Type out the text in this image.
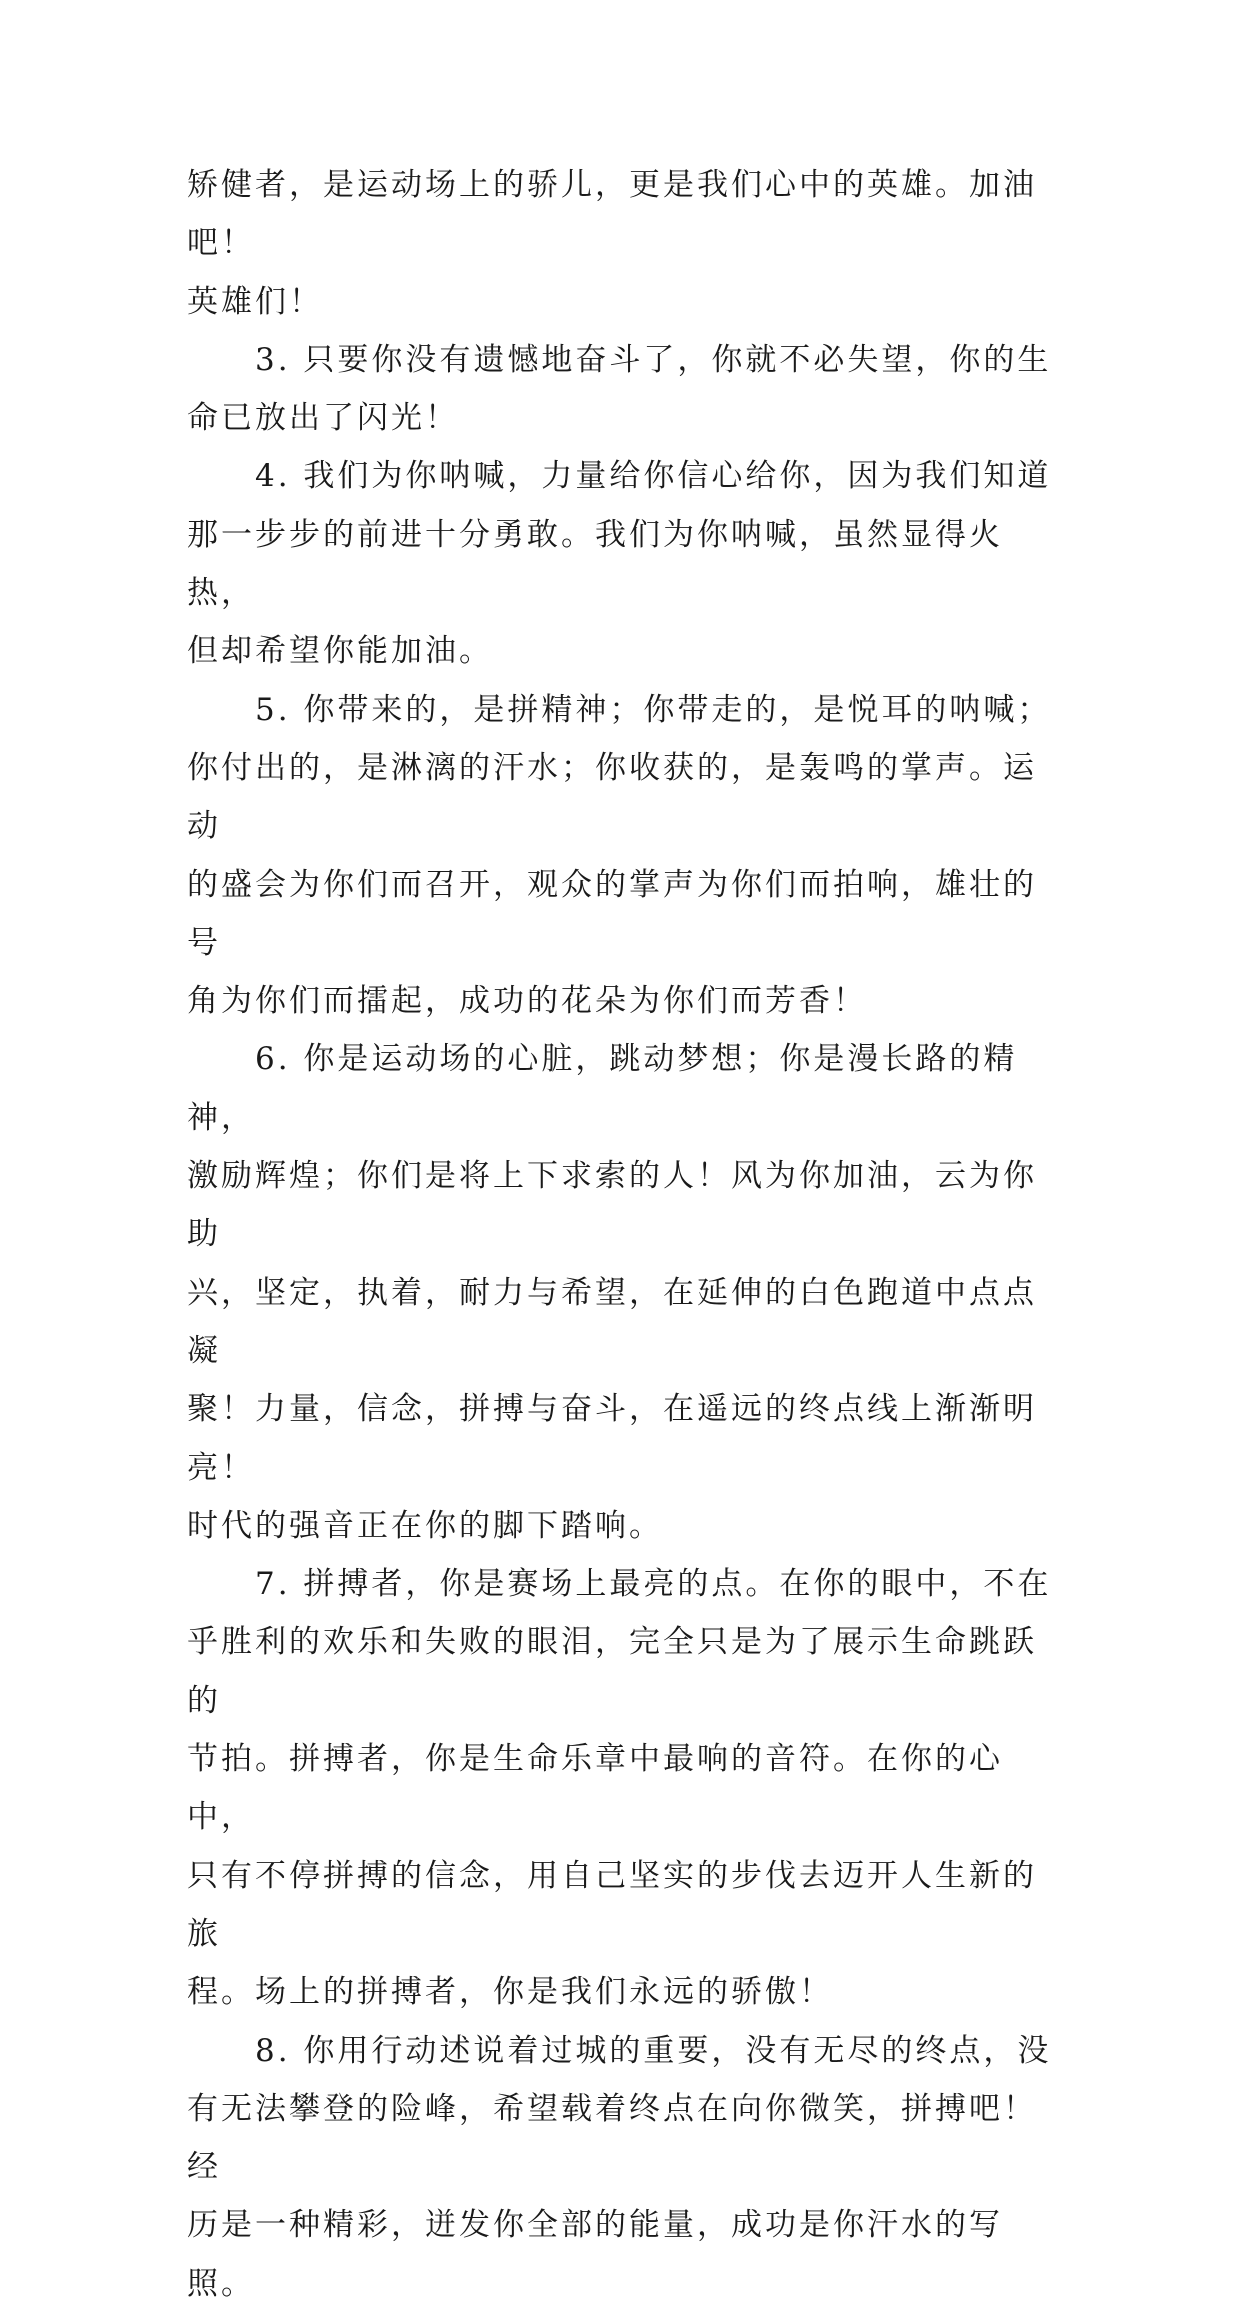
矫健者，是运动场上的骄儿，更是我们心中的英雄。加油吧！
英雄们！

3. 只要你没有遗憾地奋斗了，你就不必失望，你的生
命已放出了闪光！

4. 我们为你呐喊，力量给你信心给你，因为我们知道
那一步步的前进十分勇敢。我们为你呐喊，虽然显得火热，
但却希望你能加油。

5. 你带来的，是拼精神；你带走的，是悦耳的呐喊；
你付出的，是淋漓的汗水；你收获的，是轰鸣的掌声。运动
的盛会为你们而召开，观众的掌声为你们而拍响，雄壮的号
角为你们而擂起，成功的花朵为你们而芳香！

6. 你是运动场的心脏，跳动梦想；你是漫长路的精神，
激励辉煌；你们是将上下求索的人！风为你加油，云为你助
兴，坚定，执着，耐力与希望，在延伸的白色跑道中点点凝
聚！力量，信念，拼搏与奋斗，在遥远的终点线上渐渐明亮！
时代的强音正在你的脚下踏响。

7. 拼搏者，你是赛场上最亮的点。在你的眼中，不在
乎胜利的欢乐和失败的眼泪，完全只是为了展示生命跳跃的
节拍。拼搏者，你是生命乐章中最响的音符。在你的心中，
只有不停拼搏的信念，用自己坚实的步伐去迈开人生新的旅
程。场上的拼搏者，你是我们永远的骄傲！

8. 你用行动述说着过城的重要，没有无尽的终点，没
有无法攀登的险峰，希望载着终点在向你微笑，拼搏吧！经
历是一种精彩，迸发你全部的能量，成功是你汗水的写照。
